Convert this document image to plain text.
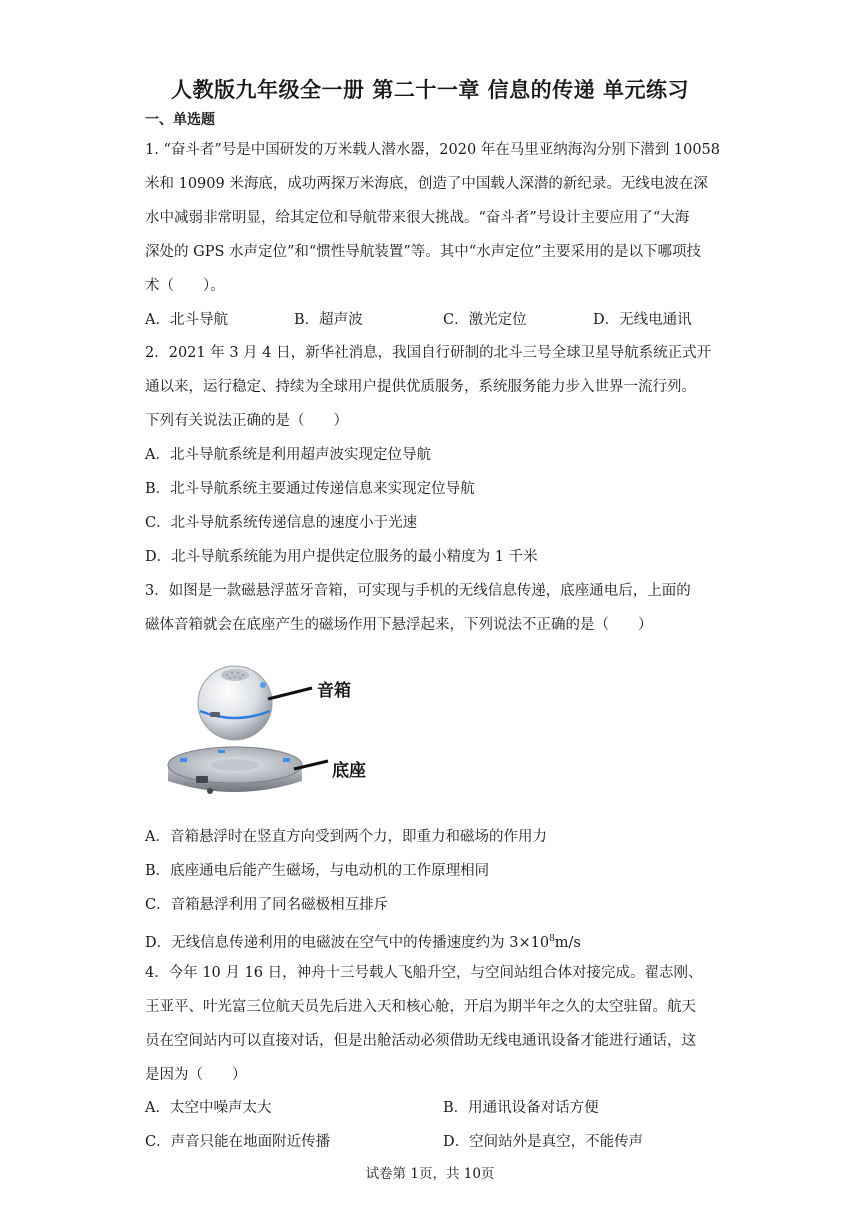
人教版九年级全一册 第二十一章 信息的传递 单元练习
一、单选题
1. “奋斗者”号是中国研发的万米载人潜水器，2020 年在马里亚纳海沟分别下潜到 10058
米和 10909 米海底，成功两探万米海底，创造了中国载人深潜的新纪录。无线电波在深
水中减弱非常明显，给其定位和导航带来很大挑战。“奋斗者”号设计主要应用了“大海
深处的 GPS 水声定位”和“惯性导航装置”等。其中“水声定位”主要采用的是以下哪项技
术（　　）。
A．北斗导航	B．超声波	C．激光定位	D．无线电通讯
2．2021 年 3 月 4 日，新华社消息，我国自行研制的北斗三号全球卫星导航系统正式开
通以来，运行稳定、持续为全球用户提供优质服务，系统服务能力步入世界一流行列。
下列有关说法正确的是（　　）
A．北斗导航系统是利用超声波实现定位导航
B．北斗导航系统主要通过传递信息来实现定位导航
C．北斗导航系统传递信息的速度小于光速
D．北斗导航系统能为用户提供定位服务的最小精度为 1 千米
3．如图是一款磁悬浮蓝牙音箱，可实现与手机的无线信息传递，底座通电后，上面的
磁体音箱就会在底座产生的磁场作用下悬浮起来，下列说法不正确的是（　　）
音箱
底座
A．音箱悬浮时在竖直方向受到两个力，即重力和磁场的作用力
B．底座通电后能产生磁场，与电动机的工作原理相同
C．音箱悬浮利用了同名磁极相互排斥
D．无线信息传递利用的电磁波在空气中的传播速度约为 $3\times 10^8m/s$
4．今年 10 月 16 日，神舟十三号载人飞船升空，与空间站组合体对接完成。翟志刚、
王亚平、叶光富三位航天员先后进入天和核心舱，开启为期半年之久的太空驻留。航天
员在空间站内可以直接对话，但是出舱活动必须借助无线电通讯设备才能进行通话，这
是因为（　　）
A．太空中噪声太大	B．用通讯设备对话方便
C．声音只能在地面附近传播	D．空间站外是真空，不能传声
试卷第 1页，共 10页
